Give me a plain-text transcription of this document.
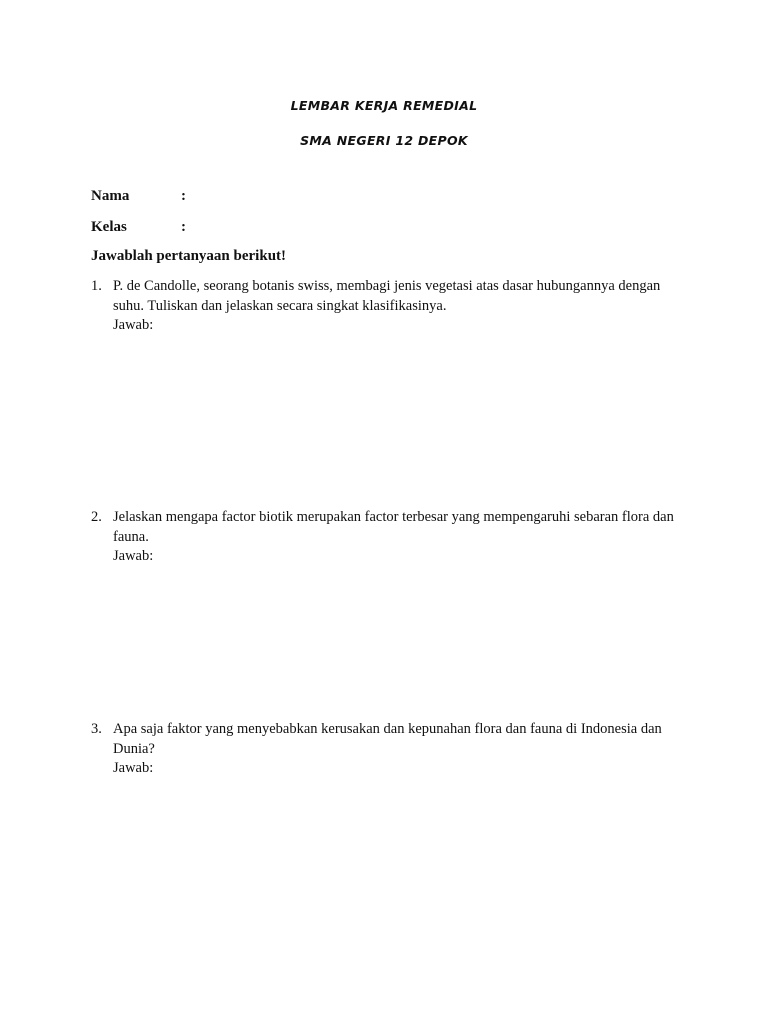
LEMBAR KERJA REMEDIAL
SMA NEGERI 12 DEPOK
Nama	:
Kelas	:
Jawablah pertanyaan berikut!
1. P. de Candolle, seorang botanis swiss, membagi jenis vegetasi atas dasar hubungannya dengan suhu. Tuliskan dan jelaskan secara singkat klasifikasinya.
Jawab:
2. Jelaskan mengapa factor biotik merupakan factor terbesar yang mempengaruhi sebaran flora dan fauna.
Jawab:
3. Apa saja faktor yang menyebabkan kerusakan dan kepunahan flora dan fauna di Indonesia dan Dunia?
Jawab:
